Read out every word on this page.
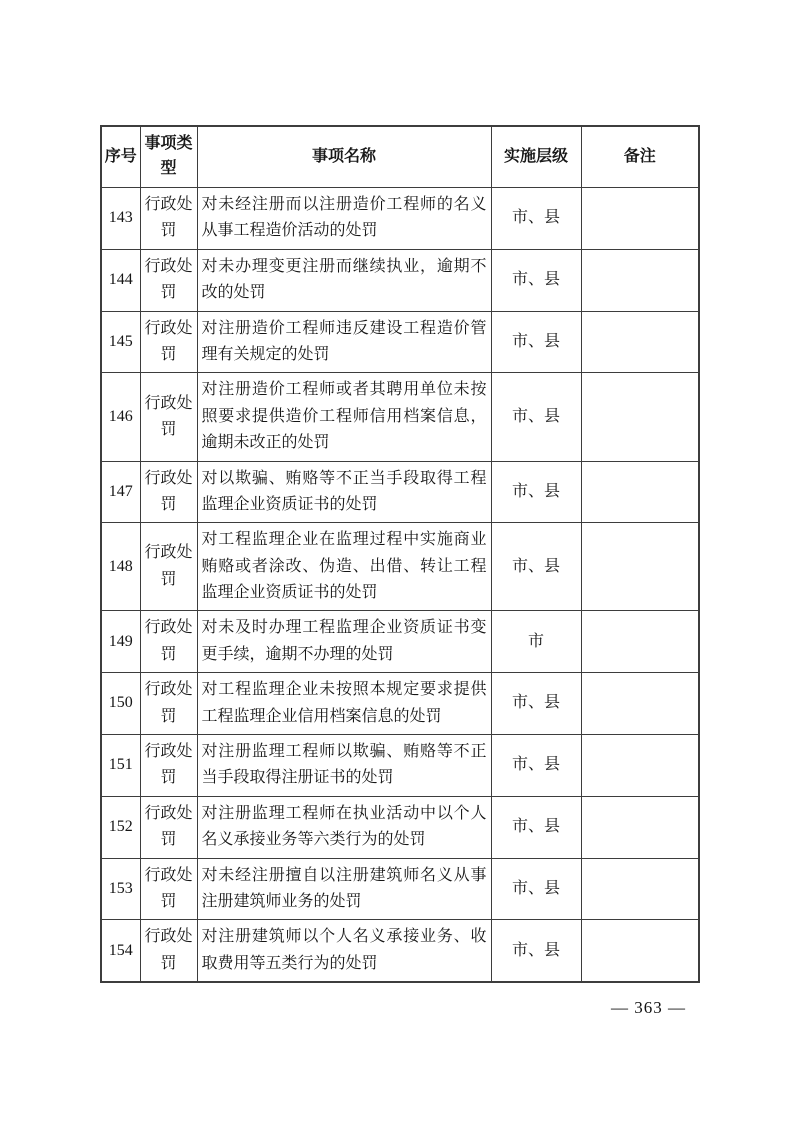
序号	事项类型	事项名称	实施层级	备注
143	行政处罚	对未经注册而以注册造价工程师的名义从事工程造价活动的处罚	市、县	
144	行政处罚	对未办理变更注册而继续执业，逾期不改的处罚	市、县	
145	行政处罚	对注册造价工程师违反建设工程造价管理有关规定的处罚	市、县	
146	行政处罚	对注册造价工程师或者其聘用单位未按照要求提供造价工程师信用档案信息，逾期未改正的处罚	市、县	
147	行政处罚	对以欺骗、贿赂等不正当手段取得工程监理企业资质证书的处罚	市、县	
148	行政处罚	对工程监理企业在监理过程中实施商业贿赂或者涂改、伪造、出借、转让工程监理企业资质证书的处罚	市、县	
149	行政处罚	对未及时办理工程监理企业资质证书变更手续，逾期不办理的处罚	市	
150	行政处罚	对工程监理企业未按照本规定要求提供工程监理企业信用档案信息的处罚	市、县	
151	行政处罚	对注册监理工程师以欺骗、贿赂等不正当手段取得注册证书的处罚	市、县	
152	行政处罚	对注册监理工程师在执业活动中以个人名义承接业务等六类行为的处罚	市、县	
153	行政处罚	对未经注册擅自以注册建筑师名义从事注册建筑师业务的处罚	市、县	
154	行政处罚	对注册建筑师以个人名义承接业务、收取费用等五类行为的处罚	市、县	
— 363 —
